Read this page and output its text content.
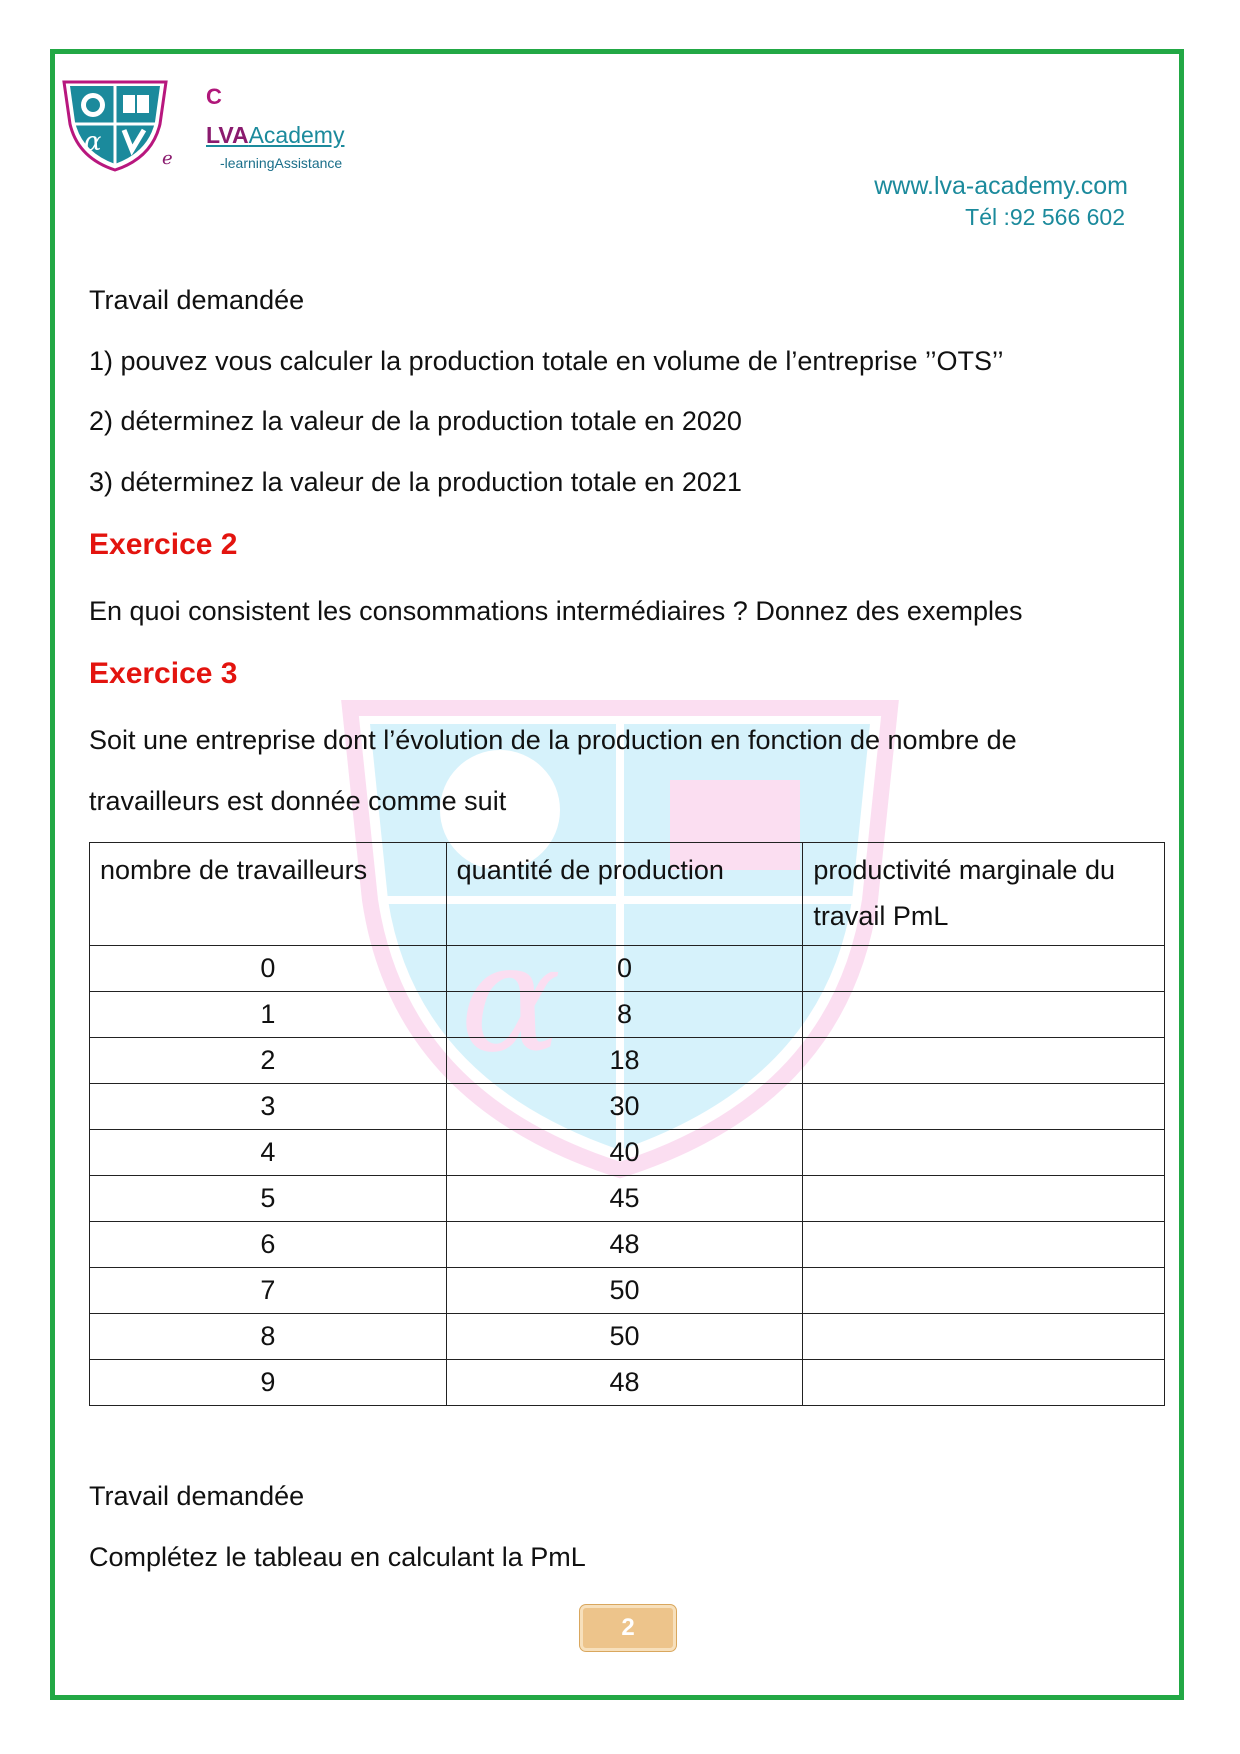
α
C
LVAAcademy
e	-learningAssistance
www.lva-academy.com
Tél :92 566 602
α
Travail demandée
1) pouvez vous calculer la production totale en volume de l’entreprise ’’OTS’’
2) déterminez la valeur de la production totale en 2020
3) déterminez la valeur de la production totale en 2021
Exercice 2
En quoi consistent les consommations intermédiaires ? Donnez des exemples
Exercice 3
Soit une entreprise dont l’évolution de la production en fonction de nombre de
travailleurs est donnée comme suit
nombre de travailleurs	quantité de production	productivité marginale du travail PmL
0	0	
1	8	
2	18	
3	30	
4	40	
5	45	
6	48	
7	50	
8	50	
9	48	
Travail demandée
Complétez le tableau en calculant la PmL
2
